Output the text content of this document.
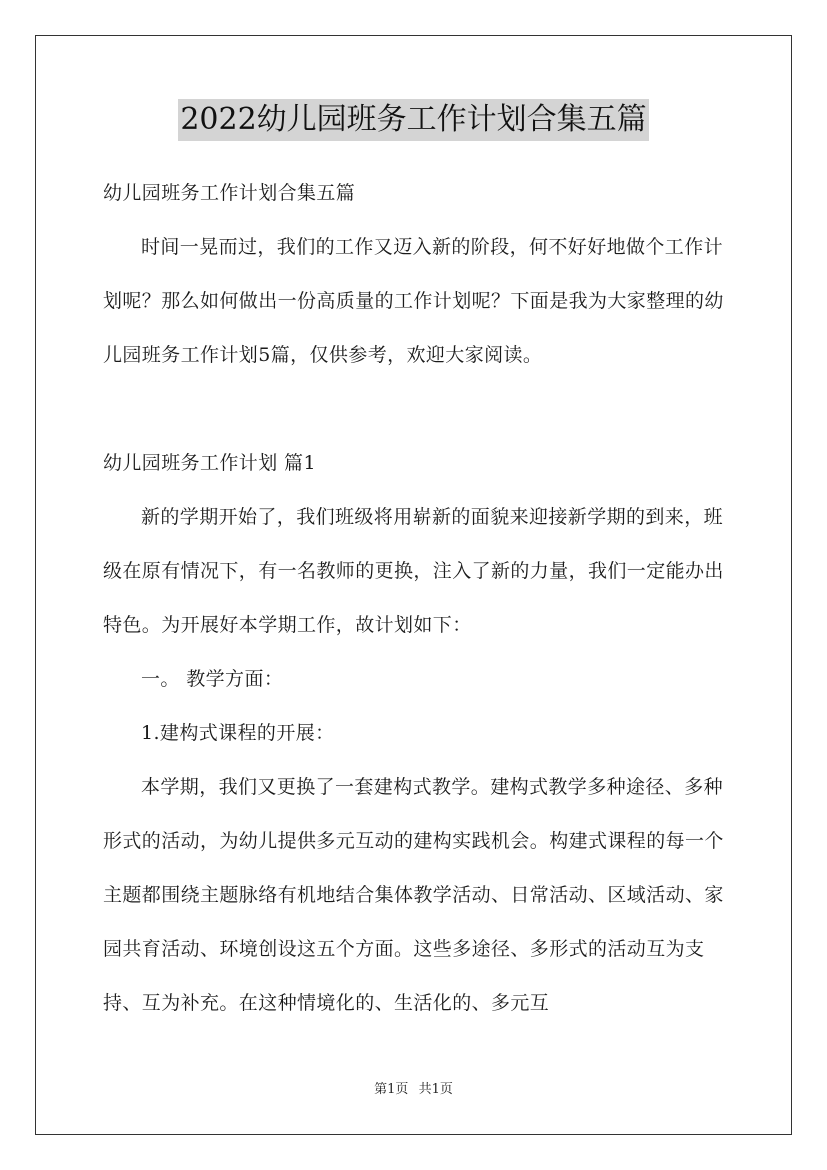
2022幼儿园班务工作计划合集五篇

幼儿园班务工作计划合集五篇

时间一晃而过，我们的工作又迈入新的阶段，何不好好地做个工作计划呢？那么如何做出一份高质量的工作计划呢？下面是我为大家整理的幼儿园班务工作计划5篇，仅供参考，欢迎大家阅读。

幼儿园班务工作计划 篇1

新的学期开始了，我们班级将用崭新的面貌来迎接新学期的到来，班级在原有情况下，有一名教师的更换，注入了新的力量，我们一定能办出特色。为开展好本学期工作，故计划如下：

一。 教学方面：

1.建构式课程的开展：

本学期，我们又更换了一套建构式教学。建构式教学多种途径、多种形式的活动，为幼儿提供多元互动的建构实践机会。构建式课程的每一个主题都围绕主题脉络有机地结合集体教学活动、日常活动、区域活动、家园共育活动、环境创设这五个方面。这些多途径、多形式的活动互为支持、互为补充。在这种情境化的、生活化的、多元互

第1页 共1页
